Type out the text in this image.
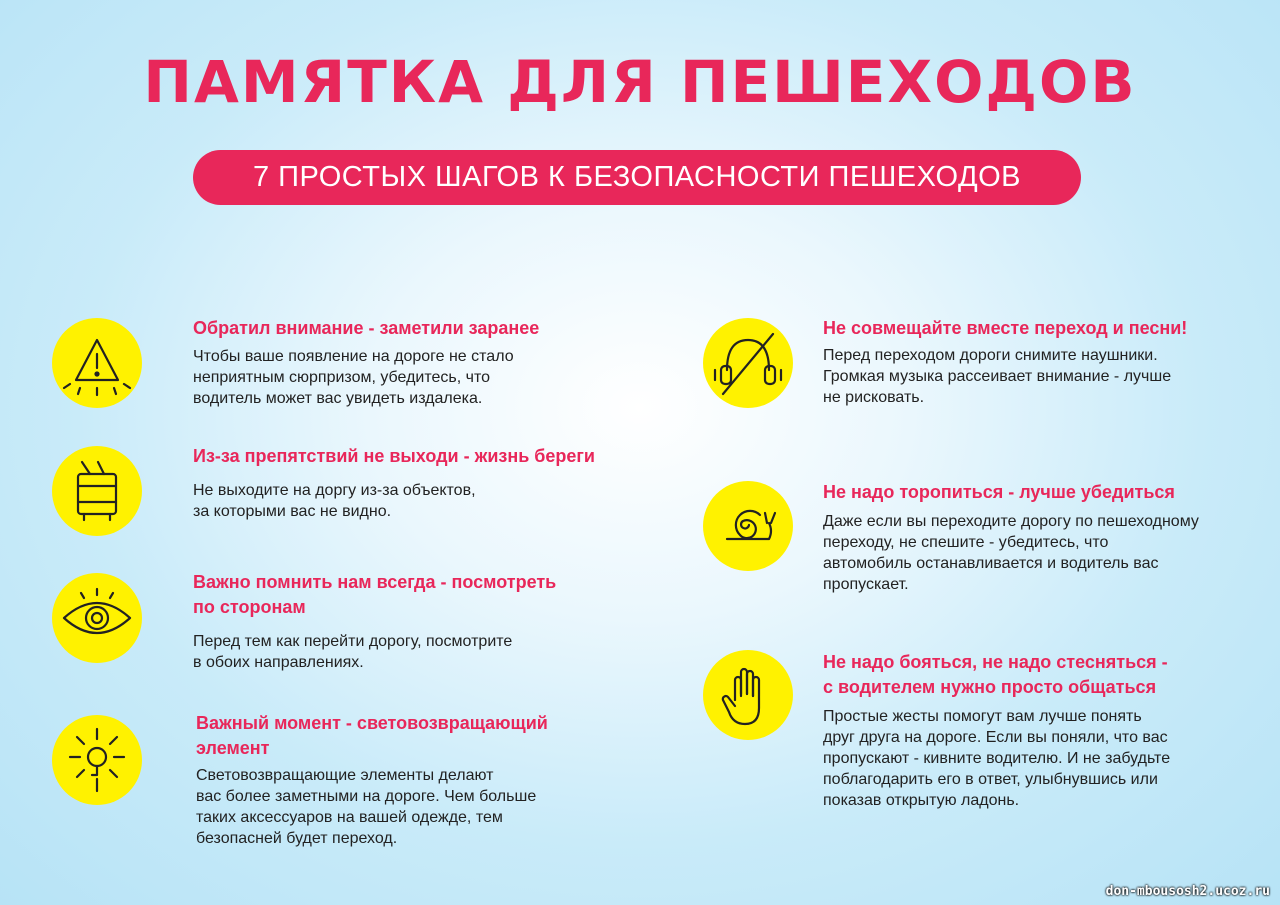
ПАМЯТКА ДЛЯ ПЕШЕХОДОВ
7 ПРОСТЫХ ШАГОВ К БЕЗОПАСНОСТИ ПЕШЕХОДОВ
Обратил внимание - заметили заранее
Чтобы ваше появление на дороге не стало
неприятным сюрпризом, убедитесь, что
водитель может вас увидеть издалека.
Из-за препятствий не выходи - жизнь береги
Не выходите на доргу из-за объектов,
за которыми вас не видно.
Важно помнить нам всегда - посмотреть
по сторонам
Перед тем как перейти дорогу, посмотрите
в обоих направлениях.
Важный момент - световозвращающий
элемент
Световозвращающие элементы делают
вас более заметными на дороге. Чем больше
таких аксессуаров на вашей одежде, тем
безопасней будет переход.
Не совмещайте вместе переход и песни!
Перед переходом дороги снимите наушники.
Громкая музыка рассеивает внимание - лучше
не рисковать.
Не надо торопиться - лучше убедиться
Даже если вы переходите дорогу по пешеходному
переходу, не спешите - убедитесь, что
автомобиль останавливается и водитель вас
пропускает.
Не надо бояться, не надо стесняться -
с водителем нужно просто общаться
Простые жесты помогут вам лучше понять
друг друга на дороге. Если вы поняли, что вас
пропускают - кивните водителю. И не забудьте
поблагодарить его в ответ, улыбнувшись или
показав открытую ладонь.
don-mbousosh2.ucoz.ru
